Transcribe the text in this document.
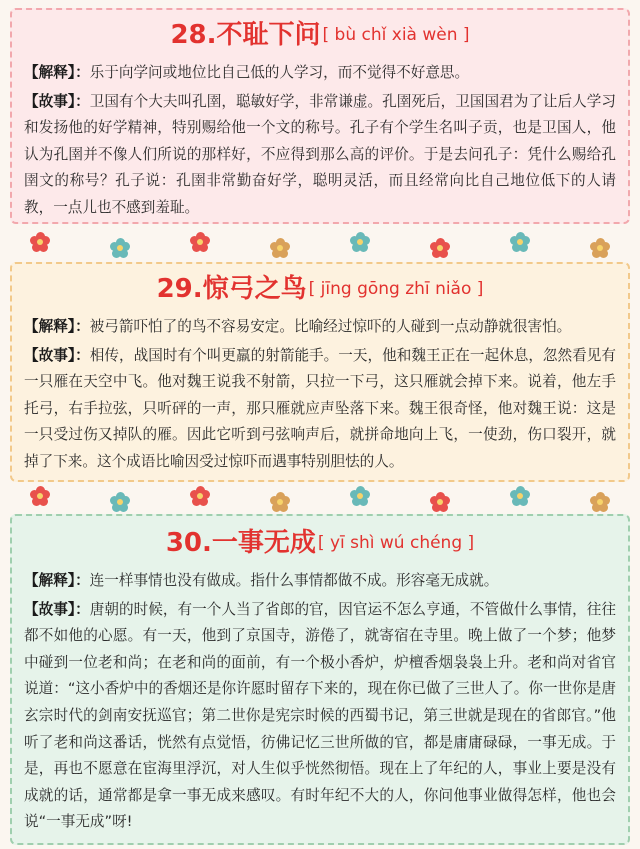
28.不耻下问 [ bù chǐ xià wèn ]

【解释】：乐于向学问或地位比自己低的人学习，而不觉得不好意思。

【故事】：卫国有个大夫叫孔圉，聪敏好学，非常谦虚。孔圉死后，卫国国君为了让后人学习和发扬他的好学精神，特别赐给他一个文的称号。孔子有个学生名叫子贡，也是卫国人，他认为孔圉并不像人们所说的那样好，不应得到那么高的评价。于是去问孔子：凭什么赐给孔圉文的称号？孔子说：孔圉非常勤奋好学，聪明灵活，而且经常向比自己地位低下的人请教，一点儿也不感到羞耻。

29.惊弓之鸟 [ jīng gōng zhī niǎo ]

【解释】：被弓箭吓怕了的鸟不容易安定。比喻经过惊吓的人碰到一点动静就很害怕。

【故事】：相传，战国时有个叫更羸的射箭能手。一天，他和魏王正在一起休息，忽然看见有一只雁在天空中飞。他对魏王说我不射箭，只拉一下弓，这只雁就会掉下来。说着，他左手托弓，右手拉弦，只听砰的一声，那只雁就应声坠落下来。魏王很奇怪，他对魏王说：这是一只受过伤又掉队的雁。因此它听到弓弦响声后，就拼命地向上飞，一使劲，伤口裂开，就掉了下来。这个成语比喻因受过惊吓而遇事特别胆怯的人。

30.一事无成 [ yī shì wú chéng ]

【解释】：连一样事情也没有做成。指什么事情都做不成。形容毫无成就。

【故事】：唐朝的时候，有一个人当了省郎的官，因官运不怎么亨通，不管做什么事情，往往都不如他的心愿。有一天，他到了京国寺，游倦了，就寄宿在寺里。晚上做了一个梦；他梦中碰到一位老和尚；在老和尚的面前，有一个极小香炉，炉檀香烟袅袅上升。老和尚对省官说道：“这小香炉中的香烟还是你许愿时留存下来的，现在你已做了三世人了。你一世你是唐玄宗时代的剑南安抚巡官；第二世你是宪宗时候的西蜀书记，第三世就是现在的省郎官。”他听了老和尚这番话，恍然有点觉悟，彷佛记忆三世所做的官，都是庸庸碌碌，一事无成。于是，再也不愿意在宦海里浮沉，对人生似乎恍然彻悟。现在上了年纪的人，事业上要是没有成就的话，通常都是拿一事无成来感叹。有时年纪不大的人，你问他事业做得怎样，他也会说“一事无成”呀!
